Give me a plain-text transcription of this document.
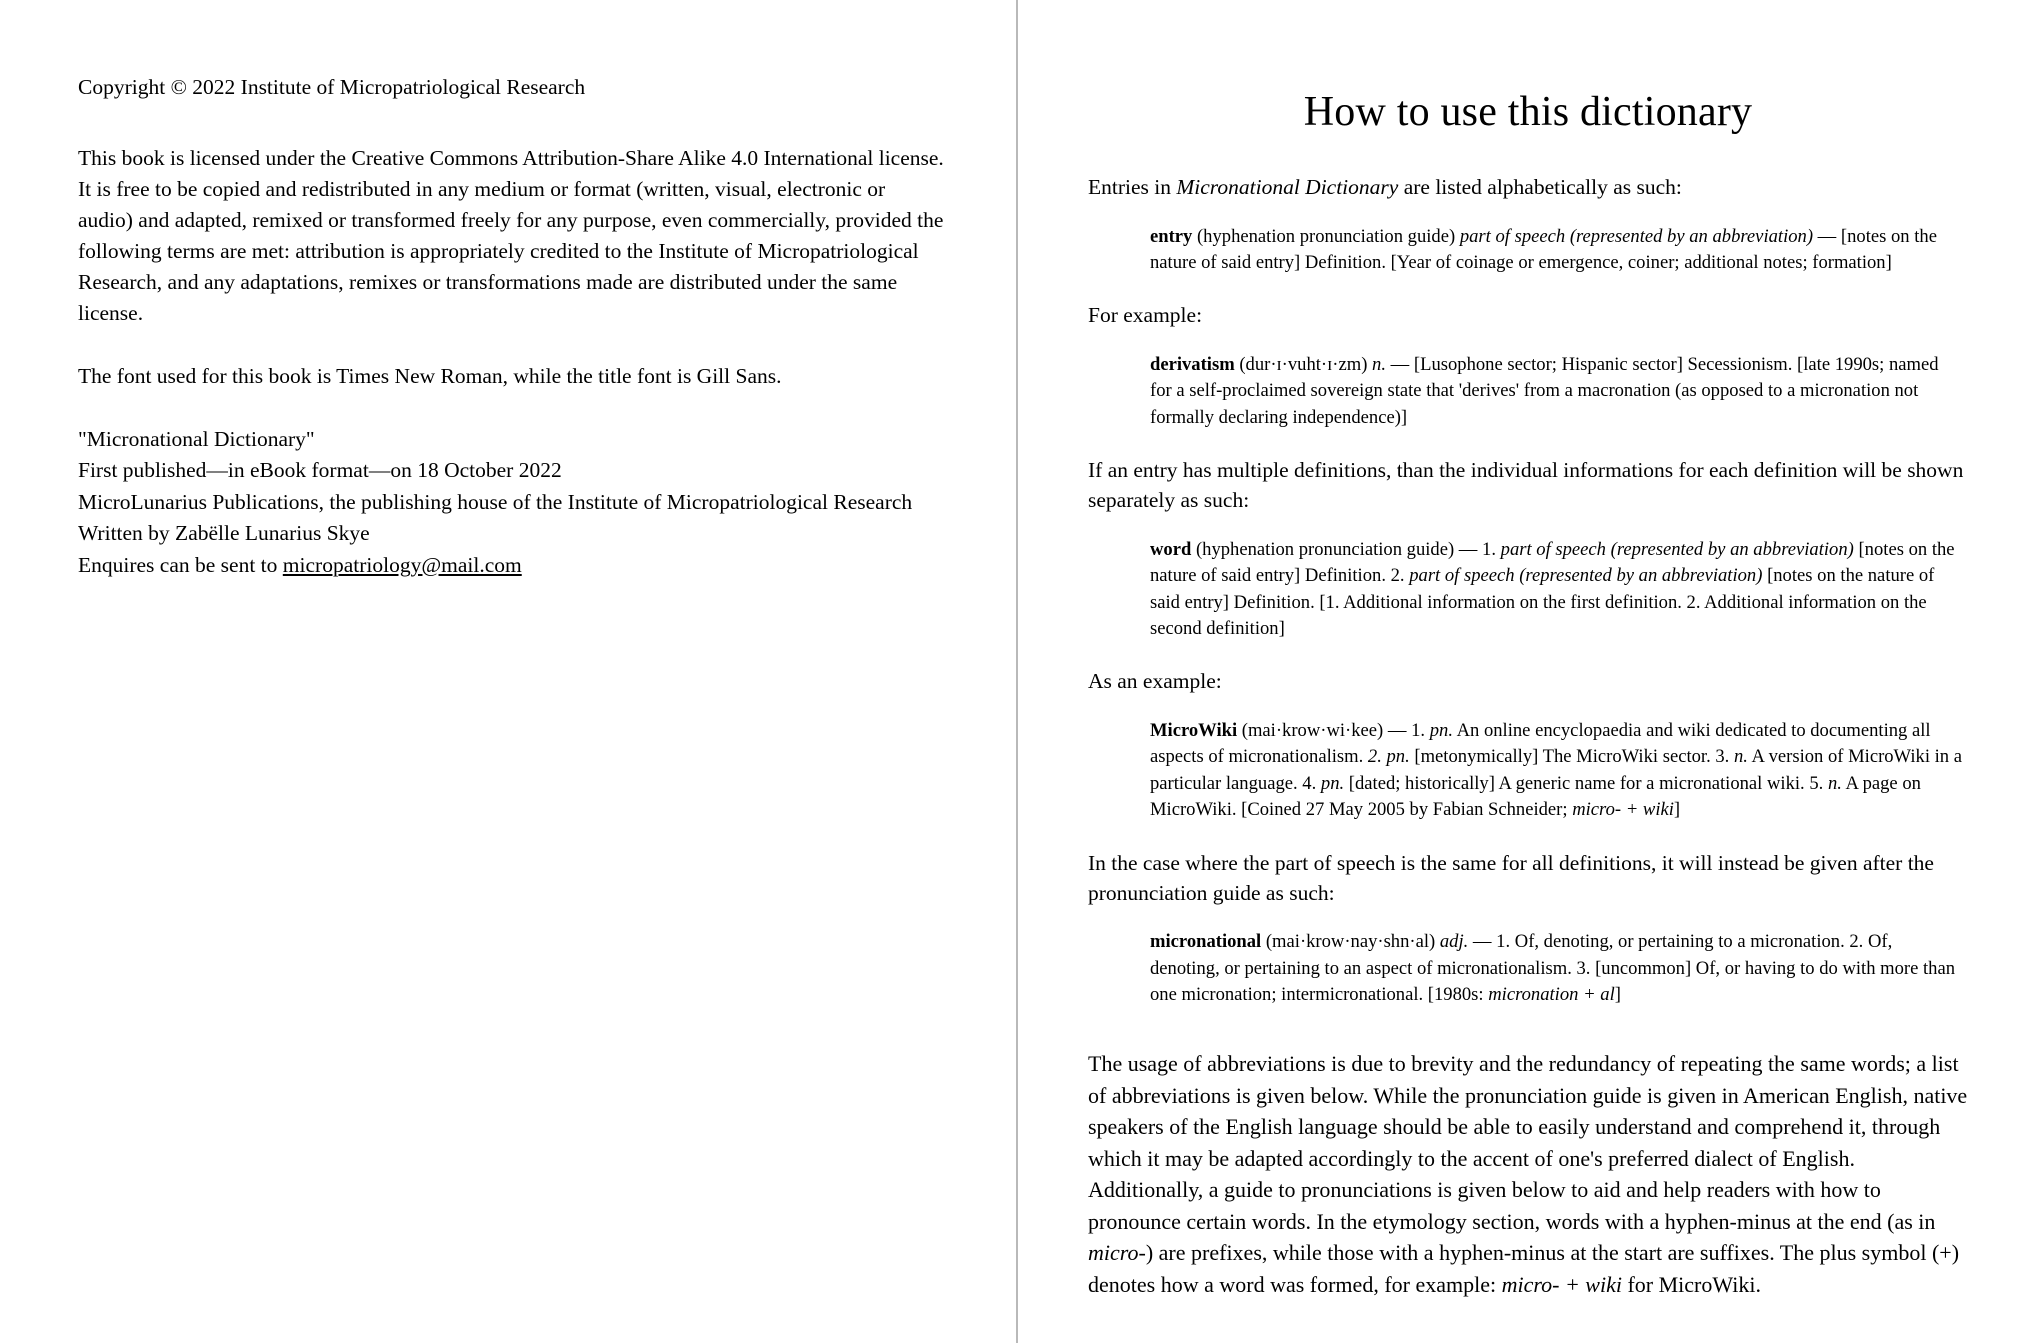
Copyright © 2022 Institute of Micropatriological Research

This book is licensed under the Creative Commons Attribution-Share Alike 4.0 International license. It is free to be copied and redistributed in any medium or format (written, visual, electronic or audio) and adapted, remixed or transformed freely for any purpose, even commercially, provided the following terms are met: attribution is appropriately credited to the Institute of Micropatriological Research, and any adaptations, remixes or transformations made are distributed under the same license.

The font used for this book is Times New Roman, while the title font is Gill Sans.

"Micronational Dictionary"
First published—in eBook format—on 18 October 2022
MicroLunarius Publications, the publishing house of the Institute of Micropatriological Research
Written by Zabëlle Lunarius Skye
Enquires can be sent to micropatriology@mail.com
How to use this dictionary

Entries in Micronational Dictionary are listed alphabetically as such:

entry (hyphenation pronunciation guide) part of speech (represented by an abbreviation) — [notes on the nature of said entry] Definition. [Year of coinage or emergence, coiner; additional notes; formation]

For example:

derivatism (dur·ɪ·vuht·ɪ·zm) n. — [Lusophone sector; Hispanic sector] Secessionism. [late 1990s; named for a self-proclaimed sovereign state that 'derives' from a macronation (as opposed to a micronation not formally declaring independence)]

If an entry has multiple definitions, than the individual informations for each definition will be shown separately as such:

word (hyphenation pronunciation guide) — 1. part of speech (represented by an abbreviation) [notes on the nature of said entry] Definition. 2. part of speech (represented by an abbreviation) [notes on the nature of said entry] Definition. [1. Additional information on the first definition. 2. Additional information on the second definition]

As an example:

MicroWiki (mai·krow·wi·kee) — 1. pn. An online encyclopaedia and wiki dedicated to documenting all aspects of micronationalism. 2. pn. [metonymically] The MicroWiki sector. 3. n. A version of MicroWiki in a particular language. 4. pn. [dated; historically] A generic name for a micronational wiki. 5. n. A page on MicroWiki. [Coined 27 May 2005 by Fabian Schneider; micro- + wiki]

In the case where the part of speech is the same for all definitions, it will instead be given after the pronunciation guide as such:

micronational (mai·krow·nay·shn·al) adj. — 1. Of, denoting, or pertaining to a micronation. 2. Of, denoting, or pertaining to an aspect of micronationalism. 3. [uncommon] Of, or having to do with more than one micronation; intermicronational. [1980s: micronation + al]

The usage of abbreviations is due to brevity and the redundancy of repeating the same words; a list of abbreviations is given below. While the pronunciation guide is given in American English, native speakers of the English language should be able to easily understand and comprehend it, through which it may be adapted accordingly to the accent of one's preferred dialect of English. Additionally, a guide to pronunciations is given below to aid and help readers with how to pronounce certain words. In the etymology section, words with a hyphen-minus at the end (as in micro-) are prefixes, while those with a hyphen-minus at the start are suffixes. The plus symbol (+) denotes how a word was formed, for example: micro- + wiki for MicroWiki.
